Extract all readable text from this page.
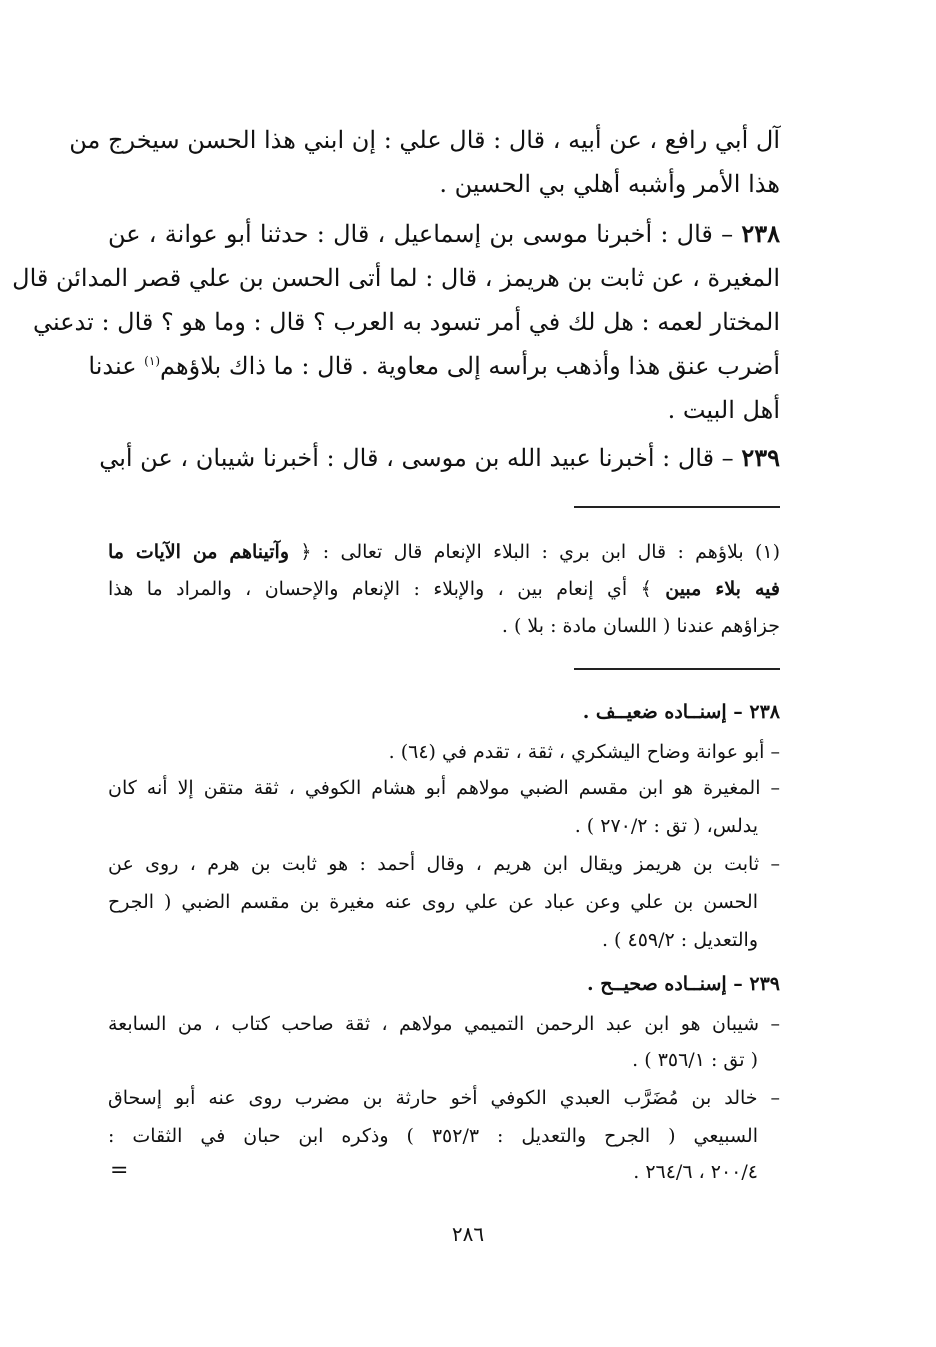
آل أبي رافع ، عن أبيه ، قال : قال علي : إن ابني هذا الحسن سيخرج من
هذا الأمر وأشبه أهلي بي الحسين .
٢٣٨ – قال : أخبرنا موسى بن إسماعيل ، قال : حدثنا أبو عوانة ، عن
المغيرة ، عن ثابت بن هريمز ، قال : لما أتى الحسن بن علي قصر المدائن قال
المختار لعمه : هل لك في أمر تسود به العرب ؟ قال : وما هو ؟ قال : تدعني
أضرب عنق هذا وأذهب برأسه إلى معاوية . قال : ما ذاك بلاؤهم$^{(١)}$ عندنا
أهل البيت .
٢٣٩ – قال : أخبرنا عبيد الله بن موسى ، قال : أخبرنا شيبان ، عن أبي
(١) بلاؤهم : قال ابن بري : البلاء الإنعام قال تعالى : ﴿ وآتيناهم من الآيات ما
فيه بلاء مبين ﴾ أي إنعام بين ، والإبلاء : الإنعام والإحسان ، والمراد ما هذا
جزاؤهم عندنا ( اللسان مادة : بلا ) .
٢٣٨ – إسنــاده ضعيــف .
– أبو عوانة وضاح اليشكري ، ثقة ، تقدم في (٦٤) .
– المغيرة هو ابن مقسم الضبي مولاهم أبو هشام الكوفي ، ثقة متقن إلا أنه كان
يدلس، ( تق : ٢٧٠/٢ ) .
– ثابت بن هريمز ويقال ابن هريم ، وقال أحمد : هو ثابت بن هرم ، روى عن
الحسن بن علي وعن عباد عن علي روى عنه مغيرة بن مقسم الضبي ( الجرح
والتعديل : ٤٥٩/٢ ) .
٢٣٩ – إسنــاده صحيــح .
– شيبان هو ابن عبد الرحمن التميمي مولاهم ، ثقة صاحب كتاب ، من السابعة
( تق : ٣٥٦/١ ) .
– خالد بن مُضَرَّب العبدي الكوفي أخو حارثة بن مضرب روى عنه أبو إسحاق
السبيعي ( الجرح والتعديل : ٣٥٢/٣ ) وذكره ابن حبان في الثقات :
٢٠٠/٤ ، ٢٦٤/٦ .
=
٢٨٦
